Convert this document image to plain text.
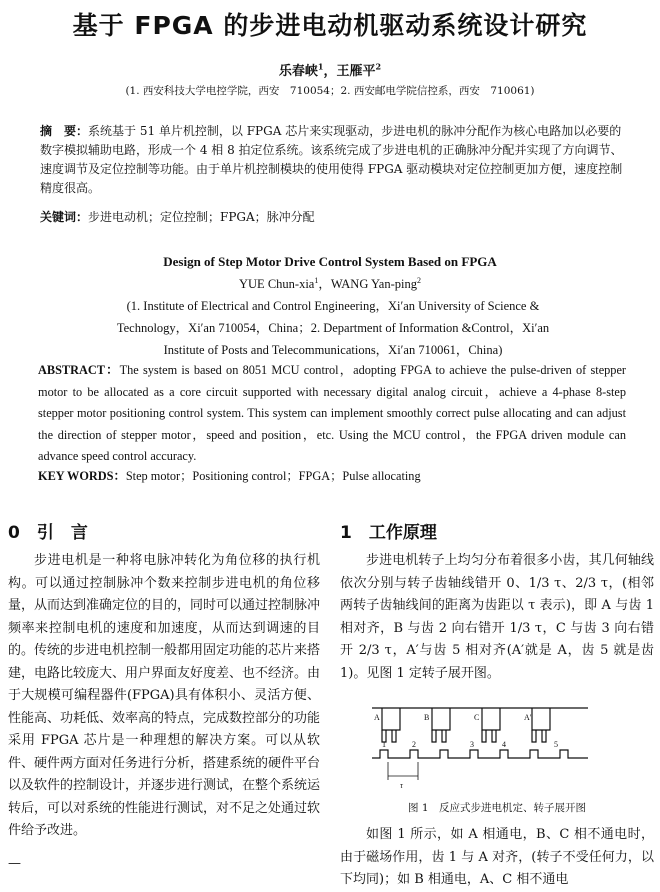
基于 FPGA 的步进电动机驱动系统设计研究
乐春峡$^1$，王雁平$^2$
(1. 西安科技大学电控学院，西安　710054；2. 西安邮电学院信控系，西安　710061)
摘　要：系统基于 51 单片机控制，以 FPGA 芯片来实现驱动，步进电机的脉冲分配作为核心电路加以必要的数字模拟辅助电路，形成一个 4 相 8 拍定位系统。该系统完成了步进电机的正确脉冲分配并实现了方向调节、速度调节及定位控制等功能。由于单片机控制模块的使用使得 FPGA 驱动模块对定位控制更加方便，速度控制精度很高。
关键词：步进电动机；定位控制；FPGA；脉冲分配
Design of Step Motor Drive Control System Based on FPGA
YUE Chun-xia$^1$，WANG Yan-ping$^2$
(1. Institute of Electrical and Control Engineering，Xi′an University of Science &
Technology，Xi′an 710054，China；2. Department of Information &Control，Xi′an
Institute of Posts and Telecommunications，Xi′an 710061，China)
ABSTRACT：The system is based on 8051 MCU control，adopting FPGA to achieve the pulse-driven of stepper motor to be allocated as a core circuit supported with necessary digital analog circuit，achieve a 4-phase 8-step stepper motor positioning control system. This system can implement smoothly correct pulse allocating and can adjust the direction of stepper motor，speed and position，etc. Using the MCU control，the FPGA driven module can advance speed control accuracy.
KEY WORDS：Step motor；Positioning control；FPGA；Pulse allocating
0　引　言	1　工作原理
步进电机是一种将电脉冲转化为角位移的执行机构。可以通过控制脉冲个数来控制步进电机的角位移量，从而达到准确定位的目的，同时可以通过控制脉冲频率来控制电机的速度和加速度，从而达到调速的目的。传统的步进电机控制一般都用固定功能的芯片来搭建，电路比较庞大、用户界面友好度差、也不经济。由于大规模可编程器件(FPGA)具有体积小、灵活方便、性能高、功耗低、效率高的特点，完成数控部分的功能采用 FPGA 芯片是一种理想的解决方案。可以从软件、硬件两方面对任务进行分析，搭建系统的硬件平台以及软件的控制设计，并逐步进行测试，在整个系统运转后，可以对系统的性能进行测试，对不足之处通过软件给予改进。
步进电机转子上均匀分布着很多小齿，其几何轴线依次分别与转子齿轴线错开 0、1/3 τ、2/3 τ，(相邻两转子齿轴线间的距离为齿距以 τ 表示)，即 A 与齿 1 相对齐，B 与齿 2 向右错开 1/3 τ，C 与齿 3 向右错开 2/3 τ，A′与齿 5 相对齐(A′就是 A，齿 5 就是齿 1)。见图 1 定转子展开图。
A	B	C	A′
1	2	3	4	5
τ
图 1　反应式步进电机定、转子展开图
如图 1 所示，如 A 相通电，B、C 相不通电时，由于磁场作用，齿 1 与 A 对齐，(转子不受任何力，以下均同)；如 B 相通电，A、C 相不通电
—
